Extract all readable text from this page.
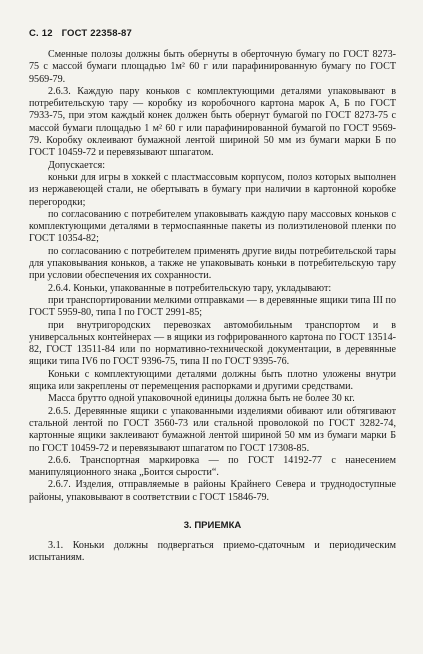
С. 12 ГОСТ 22358-87

Сменные полозы должны быть обернуты в оберточную бумагу по ГОСТ 8273-75 с массой бумаги площадью 1м² 60 г или парафинированную бумагу по ГОСТ 9569-79.

2.6.3. Каждую пару коньков с комплектующими деталями упаковывают в потребительскую тару — коробку из коробочного картона марок А, Б по ГОСТ 7933-75, при этом каждый конек должен быть обернут бумагой по ГОСТ 8273-75 с массой бумаги площадью 1 м² 60 г или парафинированной бумагой по ГОСТ 9569-79. Коробку оклеивают бумажной лентой шириной 50 мм из бумаги марки Б по ГОСТ 10459-72 и перевязывают шпагатом.

Допускается:

коньки для игры в хоккей с пластмассовым корпусом, полоз которых выполнен из нержавеющей стали, не обертывать в бумагу при наличии в картонной коробке перегородки;

по согласованию с потребителем упаковывать каждую пару массовых коньков с комплектующими деталями в термоспаянные пакеты из полиэтиленовой пленки по ГОСТ 10354-82;

по согласованию с потребителем применять другие виды потребительской тары для упаковывания коньков, а также не упаковывать коньки в потребительскую тару при условии обеспечения их сохранности.

2.6.4. Коньки, упакованные в потребительскую тару, укладывают:

при транспортировании мелкими отправками — в деревянные ящики типа III по ГОСТ 5959-80, типа I по ГОСТ 2991-85;

при внутригородских перевозках автомобильным транспортом и в универсальных контейнерах — в ящики из гофрированного картона по ГОСТ 13514-82, ГОСТ 13511-84 или по нормативно-технической документации, в деревянные ящики типа IV6 по ГОСТ 9396-75, типа II по ГОСТ 9395-76.

Коньки с комплектующими деталями должны быть плотно уложены внутри ящика или закреплены от перемещения распорками и другими средствами.

Масса брутто одной упаковочной единицы должна быть не более 30 кг.

2.6.5. Деревянные ящики с упакованными изделиями обивают или обтягивают стальной лентой по ГОСТ 3560-73 или стальной проволокой по ГОСТ 3282-74, картонные ящики заклеивают бумажной лентой шириной 50 мм из бумаги марки Б по ГОСТ 10459-72 и перевязывают шпагатом по ГОСТ 17308-85.

2.6.6. Транспортная маркировка — по ГОСТ 14192-77 с нанесением манипуляционного знака „Боится сырости“.

2.6.7. Изделия, отправляемые в районы Крайнего Севера и труднодоступные районы, упаковывают в соответствии с ГОСТ 15846-79.

3. ПРИЕМКА

3.1. Коньки должны подвергаться приемо-сдаточным и периодическим испытаниям.
